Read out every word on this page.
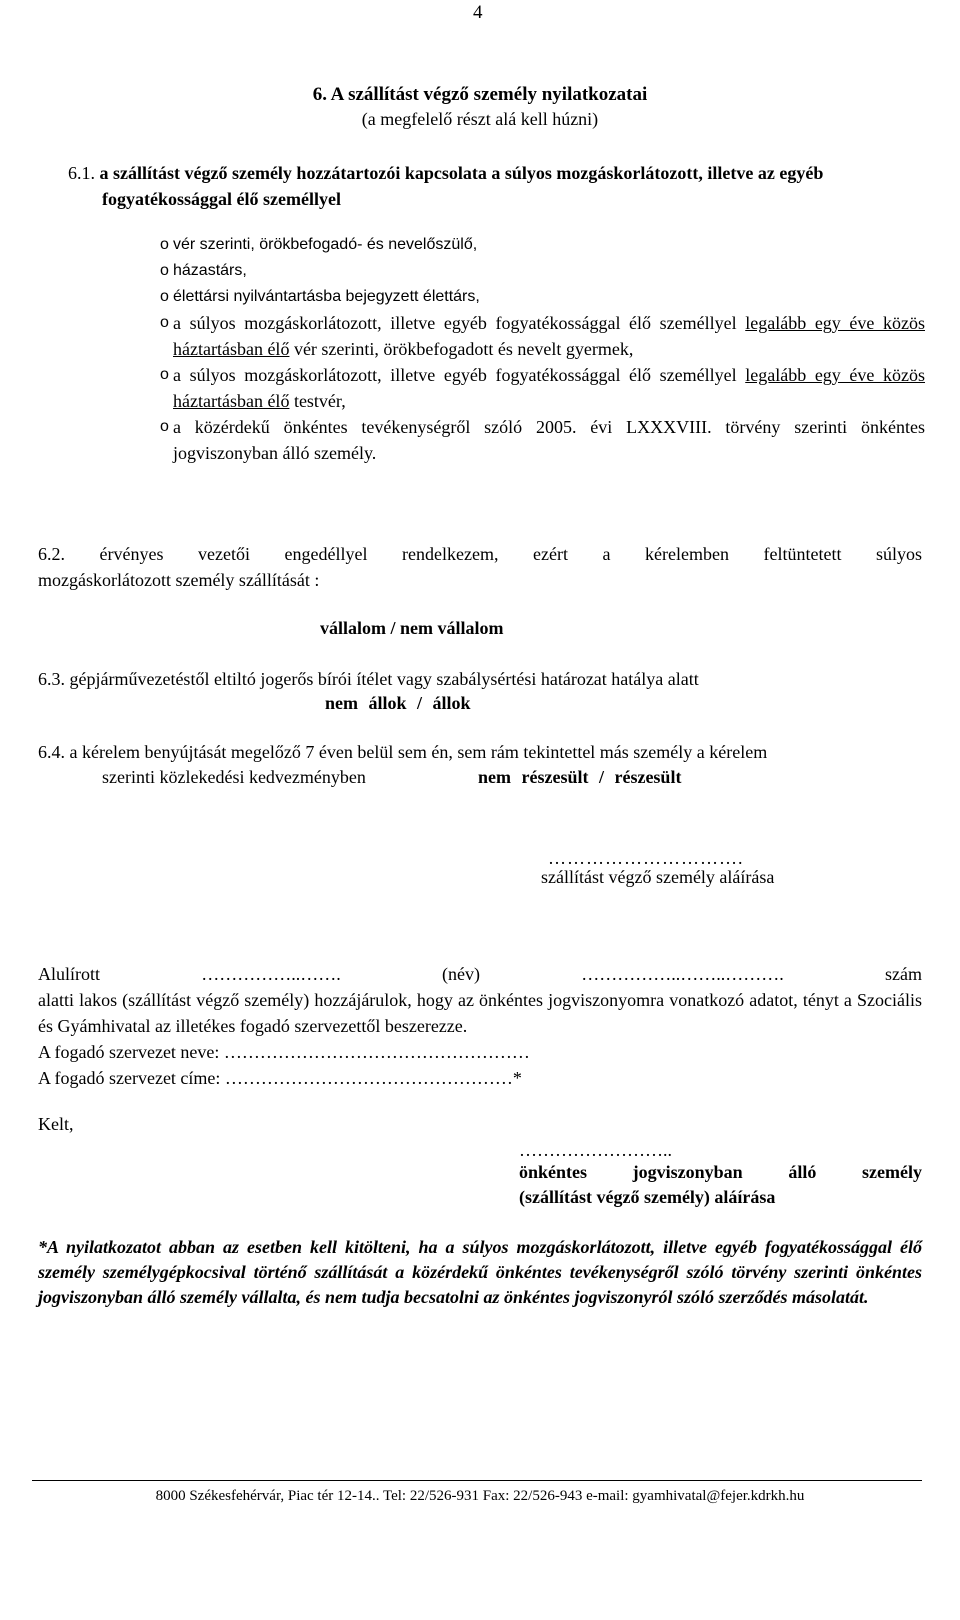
4
6. A szállítást végző személy nyilatkozatai
(a megfelelő részt alá kell húzni)
6.1. a szállítást végző személy hozzátartozói kapcsolata a súlyos mozgáskorlátozott, illetve az egyéb fogyatékossággal élő személlyel

o vér szerinti, örökbefogadó- és nevelőszülő,

o házastárs,

o élettársi nyilvántartásba bejegyzett élettárs,

o a súlyos mozgáskorlátozott, illetve egyéb fogyatékossággal élő személlyel legalább egy éve közös háztartásban élő vér szerinti, örökbefogadott és nevelt gyermek,

o a súlyos mozgáskorlátozott, illetve egyéb fogyatékossággal élő személlyel legalább egy éve közös háztartásban élő testvér,

o a közérdekű önkéntes tevékenységről szóló 2005. évi LXXXVIII. törvény szerinti önkéntes jogviszonyban álló személy.

6.2. érvényes vezetői engedéllyel rendelkezem, ezért a kérelemben feltüntetett súlyos
mozgáskorlátozott személy szállítását :
vállalom / nem vállalom
6.3. gépjárművezetéstől eltiltó jogerős bírói ítélet vagy szabálysértési határozat hatálya alatt
nem állok / állok
6.4. a kérelem benyújtását megelőző 7 éven belül sem én, sem rám tekintettel más személy a kérelem
szerinti közlekedési kedvezményben	nem részesült / részesült
………………………….
szállítást végző személy aláírása

Alulírott ……………..……. (név) ……………..……..………. szám

alatti lakos (szállítást végző személy) hozzájárulok, hogy az önkéntes jogviszonyomra vonatkozó adatot, tényt a Szociális és Gyámhivatal az illetékes fogadó szervezettől beszerezze.

A fogadó szervezet neve: ……………………………………………

A fogadó szervezet címe: …………………………………………*

Kelt,
……………………..
önkéntes jogviszonyban álló személy
(szállítást végző személy) aláírása
*A nyilatkozatot abban az esetben kell kitölteni, ha a súlyos mozgáskorlátozott, illetve egyéb fogyatékossággal élő személy személygépkocsival történő szállítását a közérdekű önkéntes tevékenységről szóló törvény szerinti önkéntes jogviszonyban álló személy vállalta, és nem tudja becsatolni az önkéntes jogviszonyról szóló szerződés másolatát.
8000 Székesfehérvár, Piac tér 12-14.. Tel: 22/526-931 Fax: 22/526-943 e-mail: gyamhivatal@fejer.kdrkh.hu
